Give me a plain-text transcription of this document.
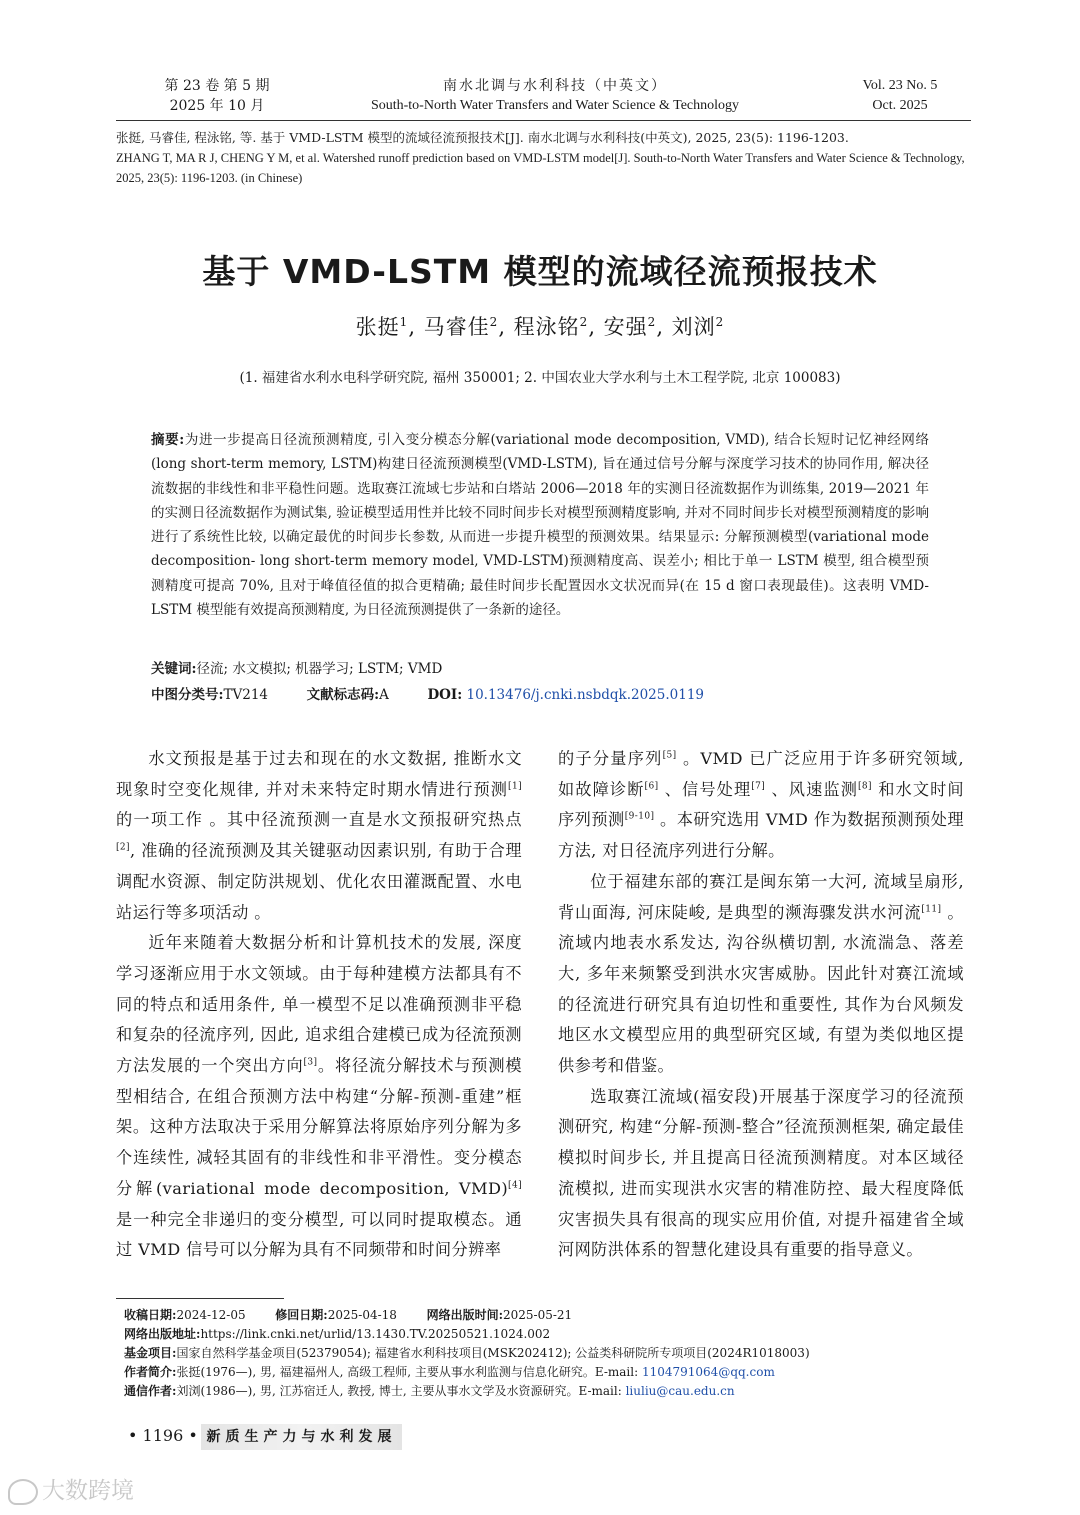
第 23 卷 第 5 期
2025 年 10 月
南水北调与水利科技（中英文）
South-to-North Water Transfers and Water Science & Technology
Vol. 23 No. 5
Oct. 2025
张挺, 马睿佳, 程泳铭, 等. 基于 VMD-LSTM 模型的流域径流预报技术[J]. 南水北调与水利科技(中英文), 2025, 23(5): 1196-1203.
ZHANG T, MA R J, CHENG Y M, et al. Watershed runoff prediction based on VMD-LSTM model[J]. South-to-North Water Transfers and Water Science & Technology, 2025, 23(5): 1196-1203. (in Chinese)
基于 VMD-LSTM 模型的流域径流预报技术
张挺$^1$, 马睿佳$^2$, 程泳铭$^2$, 安强$^2$, 刘浏$^2$
(1. 福建省水利水电科学研究院, 福州 350001; 2. 中国农业大学水利与土木工程学院, 北京 100083)
摘要:为进一步提高日径流预测精度, 引入变分模态分解(variational mode decomposition, VMD), 结合长短时记忆神经网络(long short-term memory, LSTM)构建日径流预测模型(VMD-LSTM), 旨在通过信号分解与深度学习技术的协同作用, 解决径流数据的非线性和非平稳性问题。选取赛江流域七步站和白塔站 2006—2018 年的实测日径流数据作为训练集, 2019—2021 年的实测日径流数据作为测试集, 验证模型适用性并比较不同时间步长对模型预测精度影响, 并对不同时间步长对模型预测精度的影响进行了系统性比较, 以确定最优的时间步长参数, 从而进一步提升模型的预测效果。结果显示: 分解预测模型(variational mode decomposition- long short-term memory model, VMD-LSTM)预测精度高、误差小; 相比于单一 LSTM 模型, 组合模型预测精度可提高 70%, 且对于峰值径值的拟合更精确; 最佳时间步长配置因水文状况而异(在 15 d 窗口表现最佳)。这表明 VMD-LSTM 模型能有效提高预测精度, 为日径流预测提供了一条新的途径。
关键词:径流; 水文模拟; 机器学习; LSTM; VMD
中图分类号:TV214	文献标志码:A	DOI: 10.13476/j.cnki.nsbdqk.2025.0119

水文预报是基于过去和现在的水文数据, 推断水文现象时空变化规律, 并对未来特定时期水情进行预测[1]的一项工作 。其中径流预测一直是水文预报研究热点[2], 准确的径流预测及其关键驱动因素识别, 有助于合理调配水资源、制定防洪规划、优化农田灌溉配置、水电站运行等多项活动 。

近年来随着大数据分析和计算机技术的发展, 深度学习逐渐应用于水文领域。由于每种建模方法都具有不同的特点和适用条件, 单一模型不足以准确预测非平稳和复杂的径流序列, 因此, 追求组合建模已成为径流预测方法发展的一个突出方向[3]。将径流分解技术与预测模型相结合, 在组合预测方法中构建“分解-预测-重建”框架。这种方法取决于采用分解算法将原始序列分解为多个连续性, 减轻其固有的非线性和非平滑性。变分模态分解(variational mode decomposition, VMD)[4] 是一种完全非递归的变分模型, 可以同时提取模态。通过 VMD 信号可以分解为具有不同频带和时间分辨率

的子分量序列[5] 。VMD 已广泛应用于许多研究领域, 如故障诊断[6] 、信号处理[7] 、风速监测[8] 和水文时间序列预测[9-10] 。本研究选用 VMD 作为数据预测预处理方法, 对日径流序列进行分解。

位于福建东部的赛江是闽东第一大河, 流域呈扇形, 背山面海, 河床陡峻, 是典型的濒海骤发洪水河流[11] 。流域内地表水系发达, 沟谷纵横切割, 水流湍急、落差大, 多年来频繁受到洪水灾害威胁。因此针对赛江流域的径流进行研究具有迫切性和重要性, 其作为台风频发地区水文模型应用的典型研究区域, 有望为类似地区提供参考和借鉴。

选取赛江流域(福安段)开展基于深度学习的径流预测研究, 构建“分解-预测-整合”径流预测框架, 确定最佳模拟时间步长, 并且提高日径流预测精度。对本区域径流模拟, 进而实现洪水灾害的精准防控、最大程度降低灾害损失具有很高的现实应用价值, 对提升福建省全域河网防洪体系的智慧化建设具有重要的指导意义。

收稿日期:2024-12-05 修回日期:2025-04-18 网络出版时间:2025-05-21
网络出版地址:https://link.cnki.net/urlid/13.1430.TV.20250521.1024.002
基金项目:国家自然科学基金项目(52379054); 福建省水利科技项目(MSK202412); 公益类科研院所专项项目(2024R1018003)
作者简介:张挺(1976—), 男, 福建福州人, 高级工程师, 主要从事水利监测与信息化研究。E-mail: 1104791064@qq.com
通信作者:刘浏(1986—), 男, 江苏宿迁人, 教授, 博士, 主要从事水文学及水资源研究。E-mail: liuliu@cau.edu.cn
• 1196 • 新质生产力与水利发展
大数跨境
